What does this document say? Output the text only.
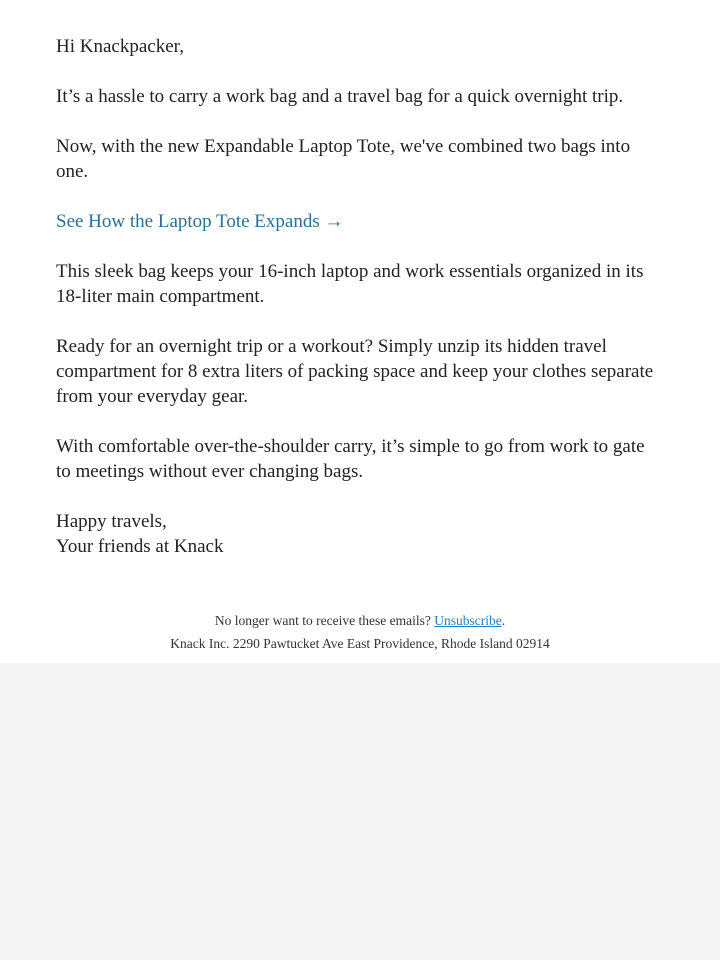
Hi Knackpacker,

It’s a hassle to carry a work bag and a travel bag for a quick overnight trip.

Now, with the new Expandable Laptop Tote, we've combined two bags into one.

See How the Laptop Tote Expands →

This sleek bag keeps your 16-inch laptop and work essentials organized in its 18-liter main compartment.

Ready for an overnight trip or a workout? Simply unzip its hidden travel compartment for 8 extra liters of packing space and keep your clothes separate from your everyday gear.

With comfortable over-the-shoulder carry, it’s simple to go from work to gate to meetings without ever changing bags.

Happy travels,
Your friends at Knack

No longer want to receive these emails? Unsubscribe.
Knack Inc. 2290 Pawtucket Ave East Providence, Rhode Island 02914
